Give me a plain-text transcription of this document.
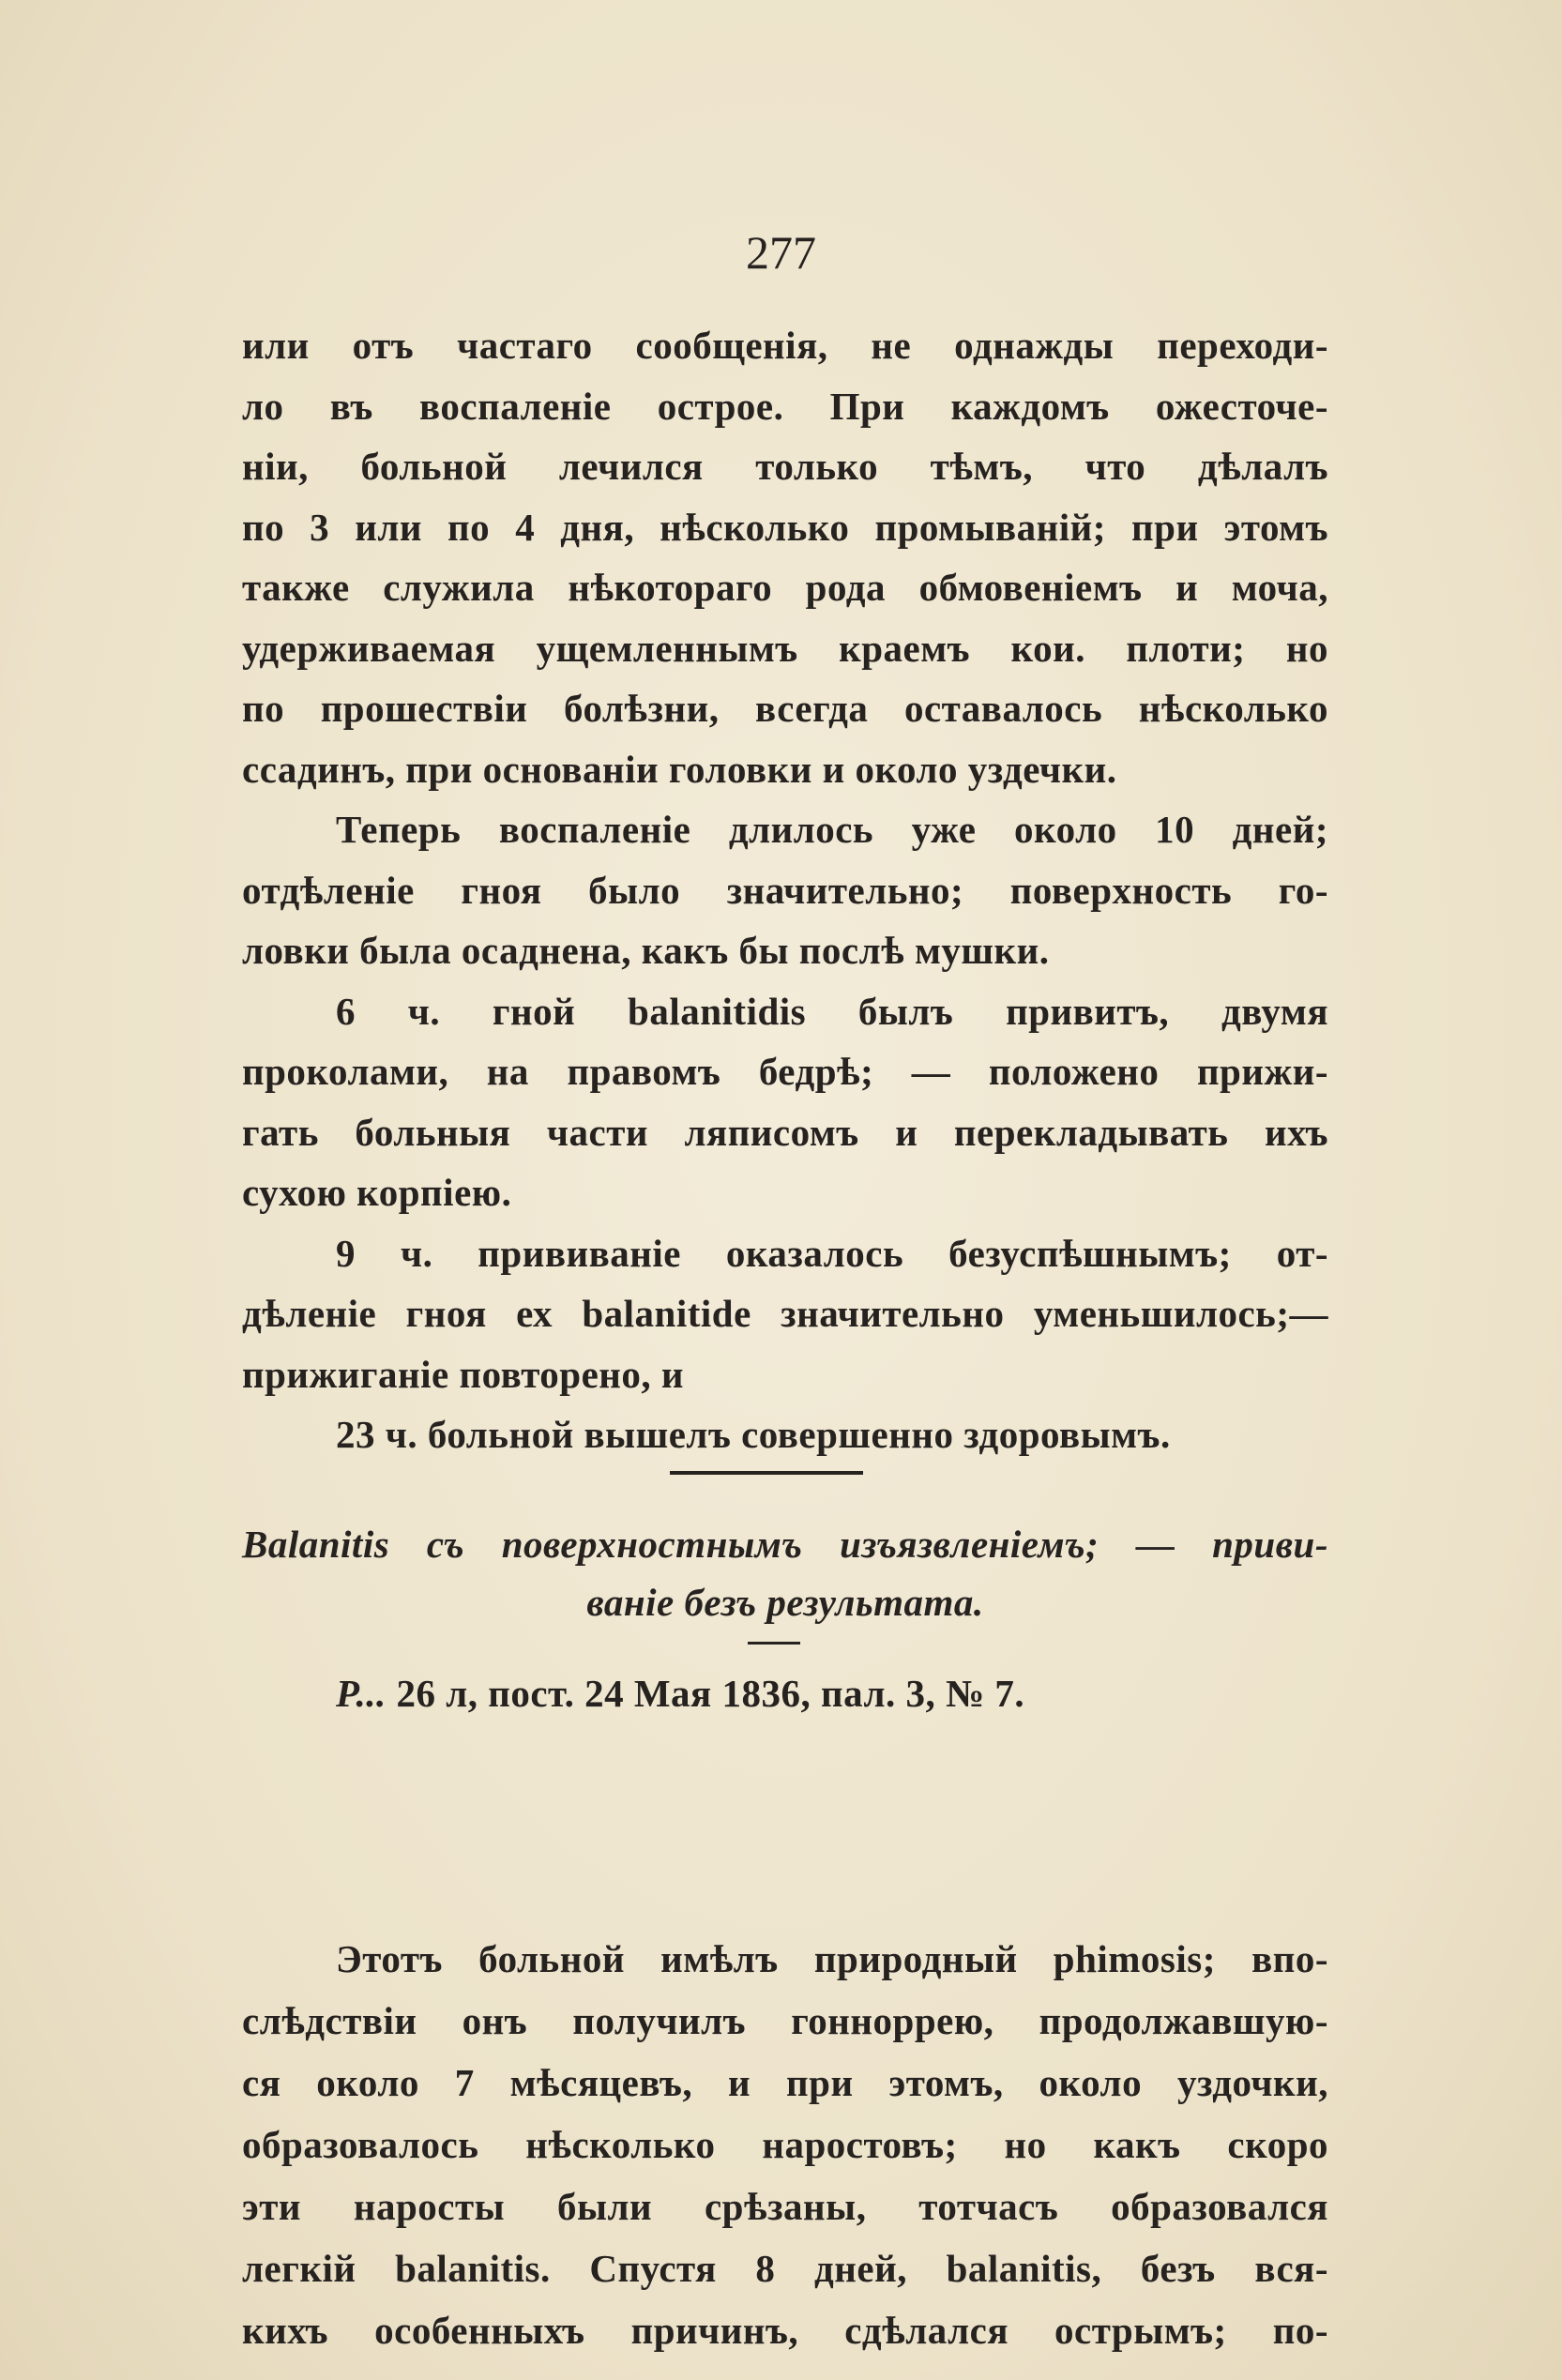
277
или отъ частаго сообщенія, не однажды переходи-
ло въ воспаленіе острое. При каждомъ ожесточе-
ніи, больной лечился только тѣмъ, что дѣлалъ
по 3 или по 4 дня, нѣсколько промыванiй; при этомъ
также служила нѣкотораго рода обмовеніемъ и моча,
удерживаемая ущемленнымъ краемъ кои. плоти; но
по прошествіи болѣзни, всегда оставалось нѣсколько
ссадинъ, при основаніи головки и около уздечки.
Теперь воспаленіе длилось уже около 10 дней;
отдѣленіе гноя было значительно; поверхность го-
ловки была осаднена, какъ бы послѣ мушки.
6 ч. гной balanitidis былъ привитъ, двумя
проколами, на правомъ бедрѣ; — положено прижи-
гать больныя части ляписомъ и перекладывать ихъ
сухою корпіею.
9 ч. прививаніе оказалось безуспѣшнымъ; от-
дѣленіе гноя ех balanitide значительно уменьшилось;—
прижиганіе повторено, и
23 ч. больной вышелъ совершенно здоровымъ.
Balanitis съ поверхностнымъ изъязвленіемъ; — приви-
ваніе безъ результата.
Р... 26 л, пост. 24 Мая 1836, пал. 3, № 7.
Этотъ больной имѣлъ природный phimosis; впо-
слѣдствіи онъ получилъ гонноррею, продолжавшую-
ся около 7 мѣсяцевъ, и при этомъ, около уздочки,
образовалось нѣсколько наростовъ; но какъ скоро
эти наросты были срѣзаны, тотчасъ образовался
легкій balanitis. Спустя 8 дней, balanitis, безъ вся-
кихъ особенныхъ причинъ, сдѣлался острымъ; по-
